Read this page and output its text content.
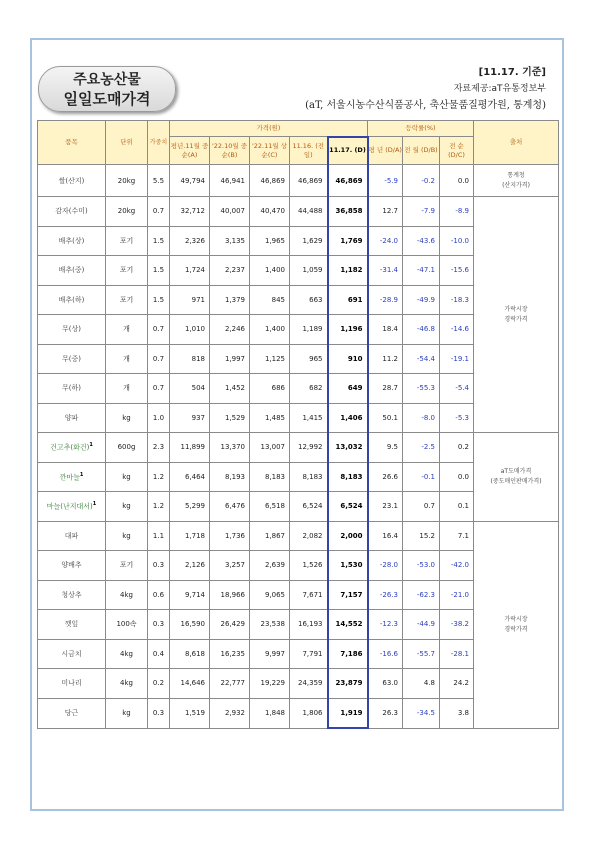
주요농산물
일일도매가격
[11.17. 기준]
자료제공:aT유통정보부
(aT, 서울시농수산식품공사, 축산물품질평가원, 통계청)
품목	단위	가중치	가격(원)					등락률(%)			출처
			평년.11월 중순(A)	'22.10월 중순(B)	'22.11월 상순(C)	11.16. (전일)	11.17. (D)	평 년 (D/A)	전 월 (D/B)	전 순 (D/C)	
쌀(산지)	20kg	5.5	49,794	46,941	46,869	46,869	46,869	-5.9	-0.2	0.0	통계청
(산지가격)

감자(수미)	20kg	0.7	32,712	40,007	40,470	44,488	36,858	12.7	-7.9	-8.9	가락시장
경락가격

배추(상)	포기	1.5	2,326	3,135	1,965	1,629	1,769	-24.0	-43.6	-10.0	
배추(중)	포기	1.5	1,724	2,237	1,400	1,059	1,182	-31.4	-47.1	-15.6	
배추(하)	포기	1.5	971	1,379	845	663	691	-28.9	-49.9	-18.3	
무(상)	개	0.7	1,010	2,246	1,400	1,189	1,196	18.4	-46.8	-14.6	
무(중)	개	0.7	818	1,997	1,125	965	910	11.2	-54.4	-19.1	
무(하)	개	0.7	504	1,452	686	682	649	28.7	-55.3	-5.4	
양파	kg	1.0	937	1,529	1,485	1,415	1,406	50.1	-8.0	-5.3	
건고추(화건)$^1$	600g	2.3	11,899	13,370	13,007	12,992	13,032	9.5	-2.5	0.2	aT도매가격
(중도매인판매가격)

깐마늘$^1$	kg	1.2	6,464	8,193	8,183	8,183	8,183	26.6	-0.1	0.0	
마늘(난지대서)$^1$	kg	1.2	5,299	6,476	6,518	6,524	6,524	23.1	0.7	0.1	
대파	kg	1.1	1,718	1,736	1,867	2,082	2,000	16.4	15.2	7.1	가락시장
경락가격

양배추	포기	0.3	2,126	3,257	2,639	1,526	1,530	-28.0	-53.0	-42.0	
청상추	4kg	0.6	9,714	18,966	9,065	7,671	7,157	-26.3	-62.3	-21.0	
깻잎	100속	0.3	16,590	26,429	23,538	16,193	14,552	-12.3	-44.9	-38.2	
시금치	4kg	0.4	8,618	16,235	9,997	7,791	7,186	-16.6	-55.7	-28.1	
미나리	4kg	0.2	14,646	22,777	19,229	24,359	23,879	63.0	4.8	24.2	
당근	kg	0.3	1,519	2,932	1,848	1,806	1,919	26.3	-34.5	3.8	
